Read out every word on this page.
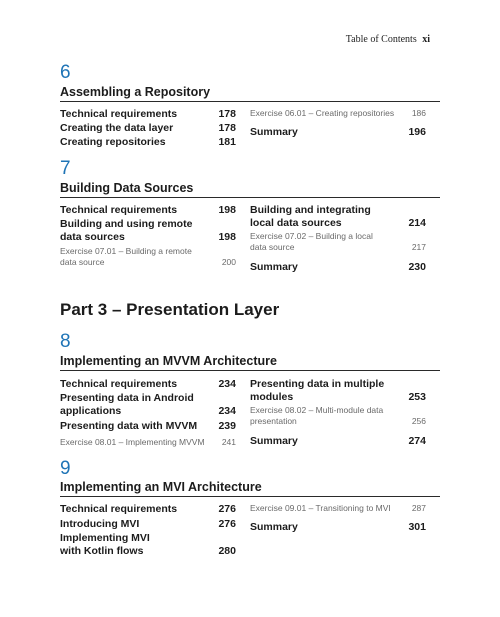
Table of Contents xi
6
Assembling a Repository
Technical requirements	178
Creating the data layer	178
Creating repositories	181
Exercise 06.01 – Creating repositories	186
Summary	196
7
Building Data Sources
Technical requirements	198
Building and using remote data sources	198
Exercise 07.01 – Building a remote data source	200
Building and integrating local data sources	214
Exercise 07.02 – Building a local data source	217
Summary	230
Part 3 – Presentation Layer
8
Implementing an MVVM Architecture
Technical requirements	234
Presenting data in Android applications	234
Presenting data with MVVM 239
Exercise 08.01 – Implementing MVVM	241
Presenting data in multiple modules	253
Exercise 08.02 – Multi-module data presentation	256
Summary	274
9
Implementing an MVI Architecture
Technical requirements	276
Introducing MVI	276
Implementing MVI with Kotlin flows	280
Exercise 09.01 – Transitioning to MVI	287
Summary	301
